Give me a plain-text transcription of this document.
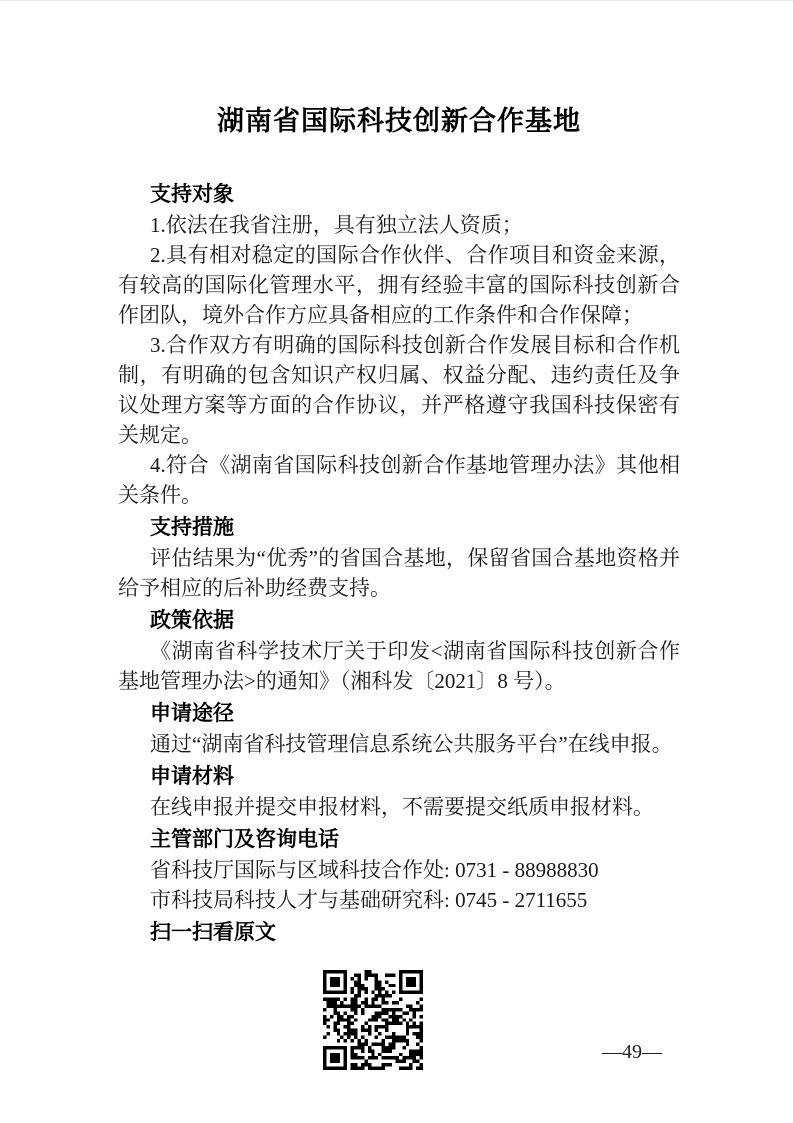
湖南省国际科技创新合作基地
支持对象

1.依法在我省注册，具有独立法人资质；

2.具有相对稳定的国际合作伙伴、合作项目和资金来源，有较高的国际化管理水平，拥有经验丰富的国际科技创新合作团队，境外合作方应具备相应的工作条件和合作保障；

3.合作双方有明确的国际科技创新合作发展目标和合作机制，有明确的包含知识产权归属、权益分配、违约责任及争议处理方案等方面的合作协议，并严格遵守我国科技保密有关规定。

4.符合《湖南省国际科技创新合作基地管理办法》其他相关条件。

支持措施

评估结果为“优秀”的省国合基地，保留省国合基地资格并给予相应的后补助经费支持。

政策依据

《湖南省科学技术厅关于印发<湖南省国际科技创新合作基地管理办法>的通知》（湘科发〔2021〕8 号）。

申请途径

通过“湖南省科技管理信息系统公共服务平台”在线申报。

申请材料

在线申报并提交申报材料，不需要提交纸质申报材料。

主管部门及咨询电话

省科技厅国际与区域科技合作处: 0731 - 88988830

市科技局科技人才与基础研究科: 0745 - 2711655

扫一扫看原文
—49—
